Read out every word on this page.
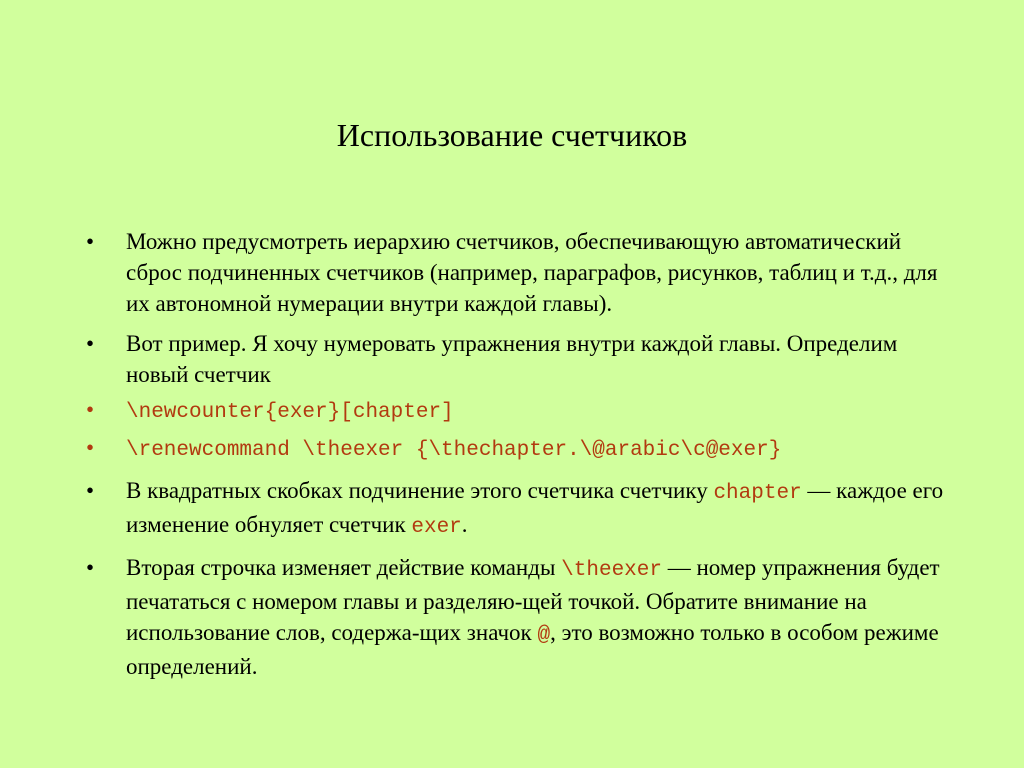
Использование счетчиков
• Можно предусмотреть иерархию счетчиков, обеспечивающую автоматический сброс подчиненных счетчиков (например, параграфов, рисунков, таблиц и т.д., для их автономной нумерации внутри каждой главы).
• Вот пример. Я хочу нумеровать упражнения внутри каждой главы. Определим новый счетчик
• \newcounter{exer}[chapter]
• \renewcommand \theexer {\thechapter.\@arabic\c@exer}
• В квадратных скобках подчинение этого счетчика счетчику chapter — каждое его изменение обнуляет счетчик exer.
• Вторая строчка изменяет действие команды \theexer — номер упражнения будет печататься с номером главы и разделяю-щей точкой. Обратите внимание на использование слов, содержа-щих значок @, это возможно только в особом режиме определений.
